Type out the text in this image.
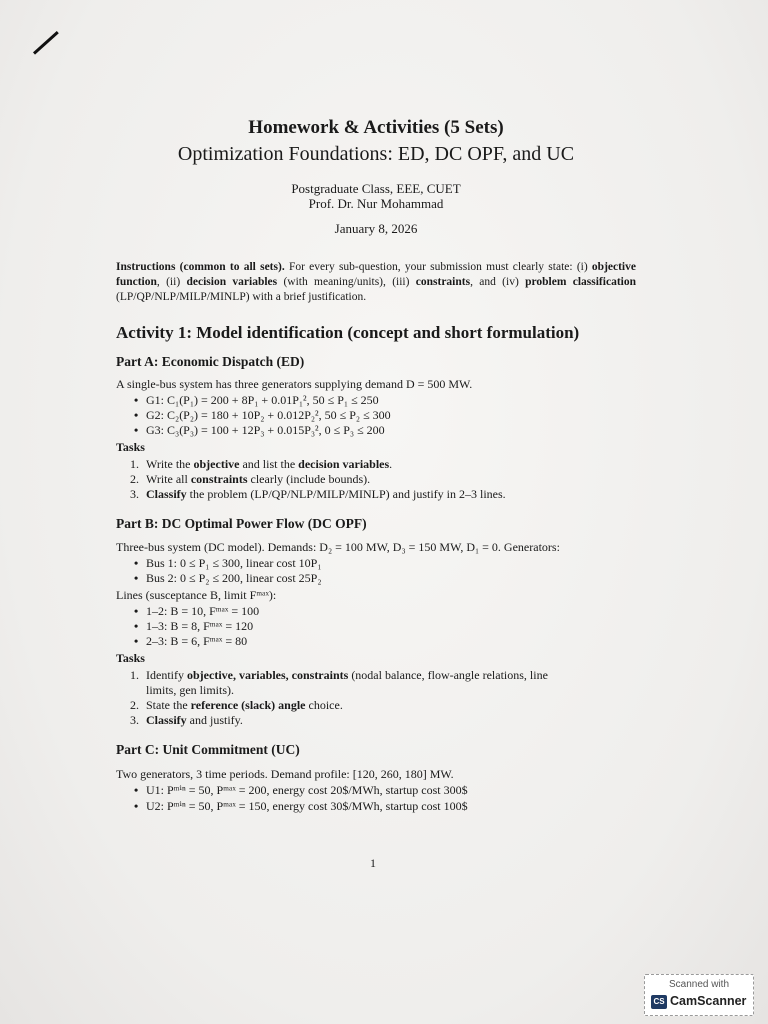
Homework & Activities (5 Sets)
Optimization Foundations: ED, DC OPF, and UC
Postgraduate Class, EEE, CUET
Prof. Dr. Nur Mohammad
January 8, 2026
Instructions (common to all sets). For every sub-question, your submission must clearly state: (i) objective function, (ii) decision variables (with meaning/units), (iii) constraints, and (iv) problem classification (LP/QP/NLP/MILP/MINLP) with a brief justification.
Activity 1: Model identification (concept and short formulation)
Part A: Economic Dispatch (ED)
A single-bus system has three generators supplying demand D = 500 MW.
• G1: C₁(P₁) = 200 + 8P₁ + 0.01P₁², 50 ≤ P₁ ≤ 250
• G2: C₂(P₂) = 180 + 10P₂ + 0.012P₂², 50 ≤ P₂ ≤ 300
• G3: C₃(P₃) = 100 + 12P₃ + 0.015P₃², 0 ≤ P₃ ≤ 200
Tasks
1. Write the objective and list the decision variables.
2. Write all constraints clearly (include bounds).
3. Classify the problem (LP/QP/NLP/MILP/MINLP) and justify in 2–3 lines.
Part B: DC Optimal Power Flow (DC OPF)
Three-bus system (DC model). Demands: D₂ = 100 MW, D₃ = 150 MW, D₁ = 0. Generators:
• Bus 1: 0 ≤ P₁ ≤ 300, linear cost 10P₁
• Bus 2: 0 ≤ P₂ ≤ 200, linear cost 25P₂
Lines (susceptance B, limit Fᵐᵃˣ):
• 1–2: B = 10, Fᵐᵃˣ = 100
• 1–3: B = 8, Fᵐᵃˣ = 120
• 2–3: B = 6, Fᵐᵃˣ = 80
Tasks
1. Identify objective, variables, constraints (nodal balance, flow-angle relations, line
limits, gen limits).
2. State the reference (slack) angle choice.
3. Classify and justify.
Part C: Unit Commitment (UC)
Two generators, 3 time periods. Demand profile: [120, 260, 180] MW.
• U1: Pᵐⁱⁿ = 50, Pᵐᵃˣ = 200, energy cost 20$/MWh, startup cost 300$
• U2: Pᵐⁱⁿ = 50, Pᵐᵃˣ = 150, energy cost 30$/MWh, startup cost 100$
1
Scanned with
CS CamScanner
